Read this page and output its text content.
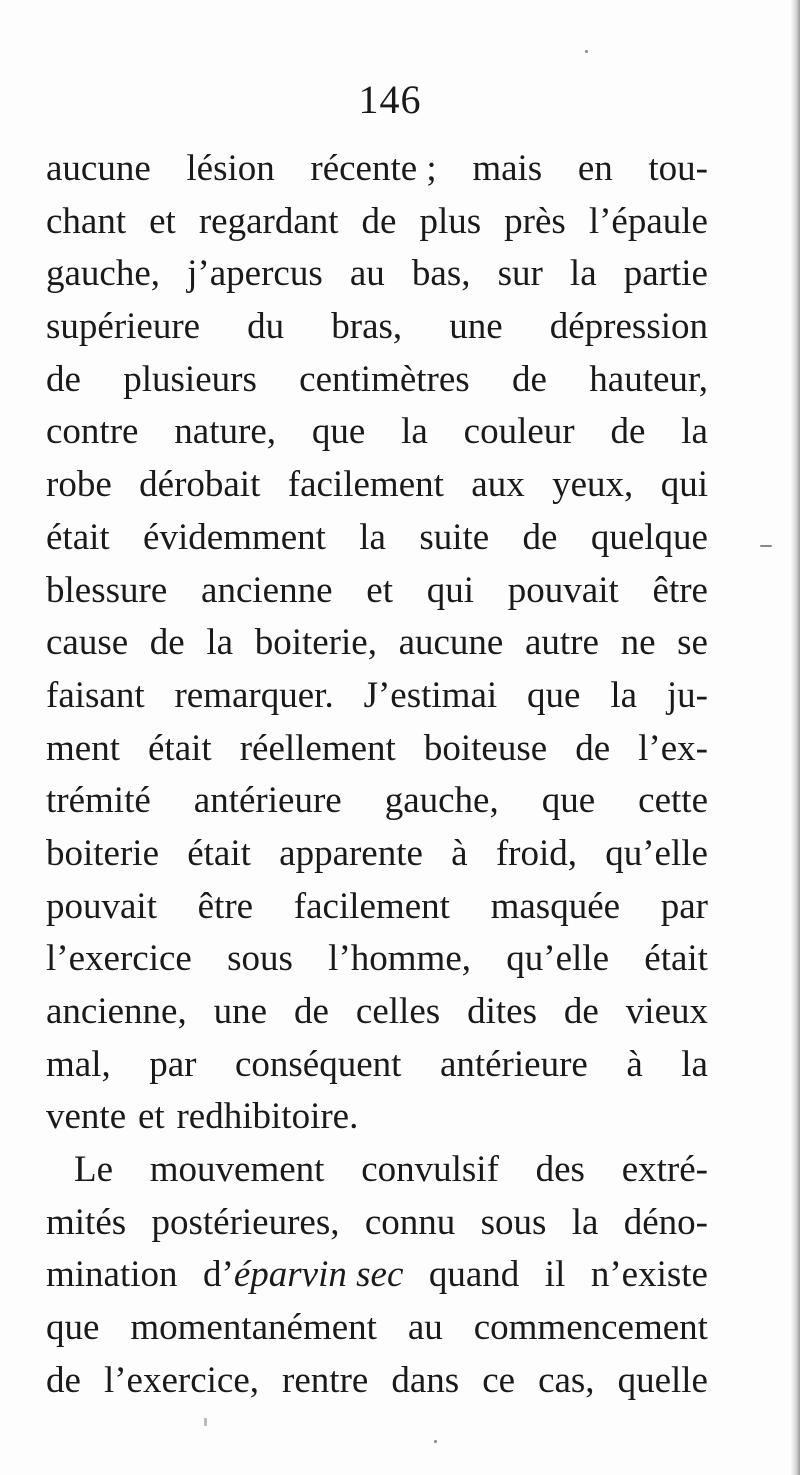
146
aucune lésion récente ; mais en tou-
chant et regardant de plus près l’épaule
gauche, j’apercus au bas, sur la partie
supérieure du bras, une dépression
de plusieurs centimètres de hauteur,
contre nature, que la couleur de la
robe dérobait facilement aux yeux, qui
était évidemment la suite de quelque
blessure ancienne et qui pouvait être
cause de la boiterie, aucune autre ne se
faisant remarquer. J’estimai que la ju-
ment était réellement boiteuse de l’ex-
trémité antérieure gauche, que cette
boiterie était apparente à froid, qu’elle
pouvait être facilement masquée par
l’exercice sous l’homme, qu’elle était
ancienne, une de celles dites de vieux
mal, par conséquent antérieure à la
vente et redhibitoire.
Le mouvement convulsif des extré-
mités postérieures, connu sous la déno-
mination d’éparvin sec quand il n’existe
que momentanément au commencement
de l’exercice, rentre dans ce cas, quelle
